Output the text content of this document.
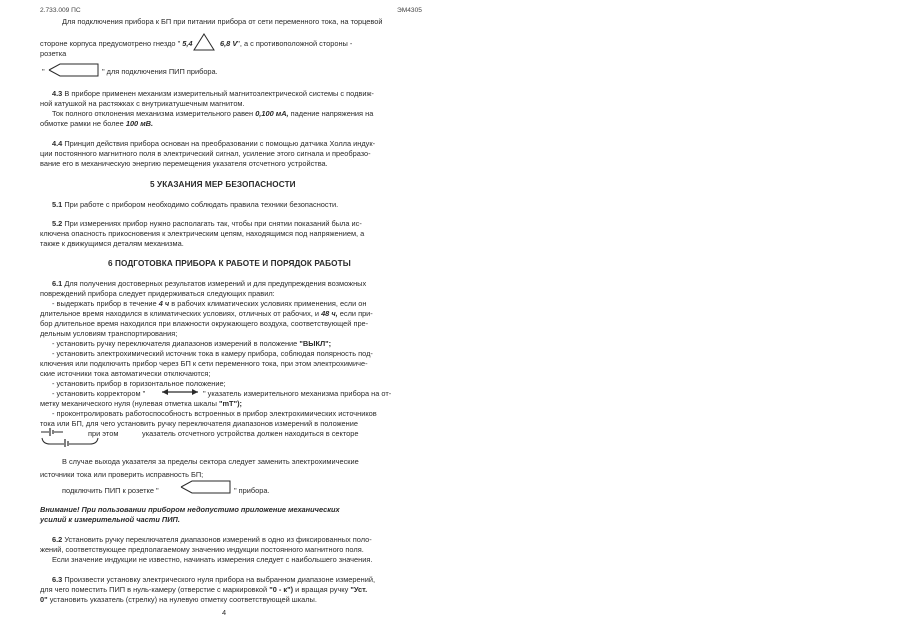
2.733.009 ПС	ЭМ4305
Для подключения прибора к БП при питании прибора от сети переменного тока, на торцевой
стороне корпуса предусмотрено гнездо " 5,4	6,8 V", а с противоположной стороны -
розетка
"	" для подключения ПИП прибора.
4.3 В приборе применен механизм измерительный магнитоэлектрической системы с подвиж-
ной катушкой на растяжках с внутрикатушечным магнитом.
Ток полного отклонения механизма измерительного равен 0,100 мА, падение напряжения на
обмотке рамки не более 100 мВ.
4.4 Принцип действия прибора основан на преобразовании с помощью датчика Холла индук-
ции постоянного магнитного поля в электрический сигнал, усиление этого сигнала и преобразо-
вание его в механическую энергию перемещения указателя отсчетного устройства.
5 УКАЗАНИЯ МЕР БЕЗОПАСНОСТИ
5.1 При работе с прибором необходимо соблюдать правила техники безопасности.
5.2 При измерениях прибор нужно располагать так, чтобы при снятии показаний была ис-
ключена опасность прикосновения к электрическим цепям, находящимся под напряжением, а
также к движущимся деталям механизма.
6 ПОДГОТОВКА ПРИБОРА К РАБОТЕ И ПОРЯДОК РАБОТЫ
6.1 Для получения достоверных результатов измерений и для предупреждения возможных
повреждений прибора следует придерживаться следующих правил:
- выдержать прибор в течение 4 ч в рабочих климатических условиях применения, если он
длительное время находился в климатических условиях, отличных от рабочих, и 48 ч, если при-
бор длительное время находился при влажности окружающего воздуха, соответствующей пре-
дельным условиям транспортирования;
- установить ручку переключателя диапазонов измерений в положение "ВЫКЛ";
- установить электрохимический источник тока в камеру прибора, соблюдая полярность под-
ключения или подключить прибор через БП к сети переменного тока, при этом электрохимиче-
ские источники тока автоматически отключаются;
- установить прибор в горизонтальное положение;
- установить корректором "	" указатель измерительного механизма прибора на от-
метку механического нуля (нулевая отметка шкалы "mT");
- проконтролировать работоспособность встроенных в прибор электрохимических источников
тока или БП, для чего установить ручку переключателя диапазонов измерений в положение
при этом	указатель отсчетного устройства должен находиться в секторе
В случае выхода указателя за пределы сектора следует заменить электрохимические
источники тока или проверить исправность БП;
подключить ПИП к розетке "	" прибора.
Внимание! При пользовании прибором недопустимо приложение механических
усилий к измерительной части ПИП.
6.2 Установить ручку переключателя диапазонов измерений в одно из фиксированных поло-
жений, соответствующее предполагаемому значению индукции постоянного магнитного поля.
Если значение индукции не известно, начинать измерения следует с наибольшего значения.
6.3 Произвести установку электрического нуля прибора на выбранном диапазоне измерений,
для чего поместить ПИП в нуль-камеру (отверстие с маркировкой "0 - к") и вращая ручку "Уст.
0" установить указатель (стрелку) на нулевую отметку соответствующей шкалы.
4
